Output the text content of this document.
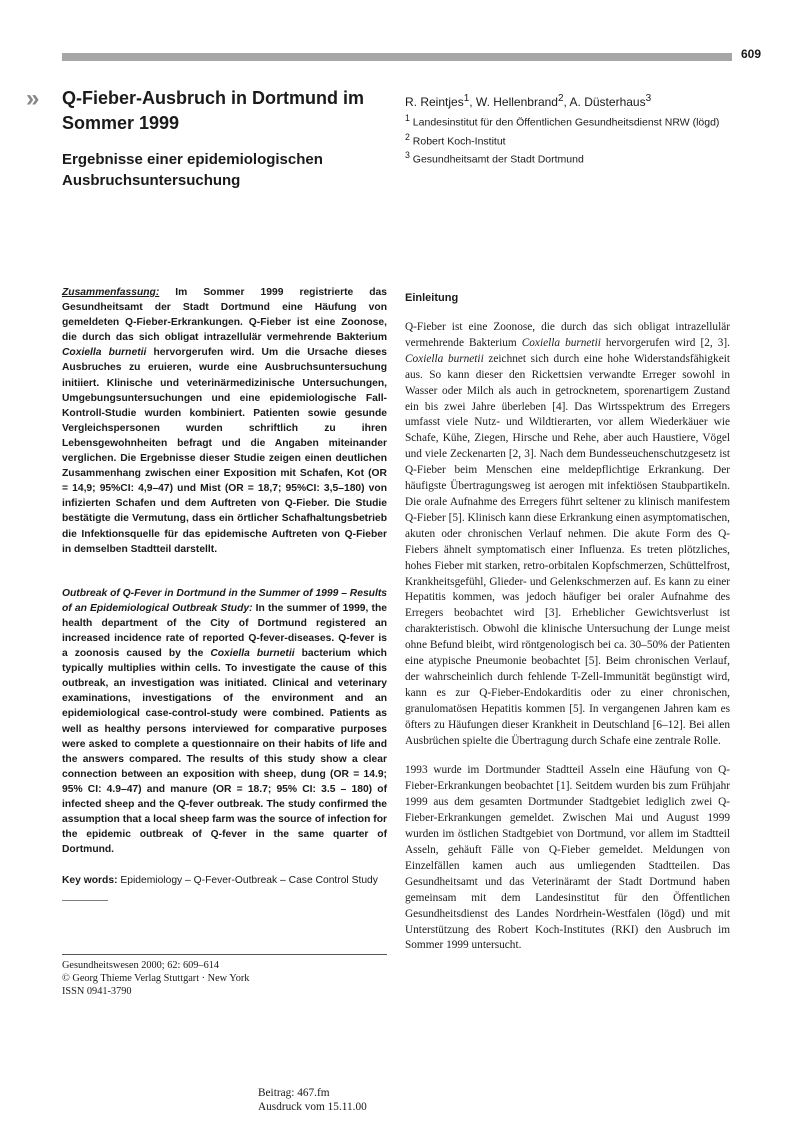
609
» Q-Fieber-Ausbruch in Dortmund im Sommer 1999
Ergebnisse einer epidemiologischen Ausbruchsuntersuchung
R. Reintjes$^1$, W. Hellenbrand$^2$, A. Düsterhaus$^3$
$^1$ Landesinstitut für den Öffentlichen Gesundheitsdienst NRW (lögd)
$^2$ Robert Koch-Institut
$^3$ Gesundheitsamt der Stadt Dortmund

Zusammenfassung: Im Sommer 1999 registrierte das Gesundheitsamt der Stadt Dortmund eine Häufung von gemeldeten Q-Fieber-Erkrankungen. Q-Fieber ist eine Zoonose, die durch das sich obligat intrazellulär vermehrende Bakterium Coxiella burnetii hervorgerufen wird. Um die Ursache dieses Ausbruches zu eruieren, wurde eine Ausbruchsuntersuchung initiiert. Klinische und veterinärmedizinische Untersuchungen, Umgebungsuntersuchungen und eine epidemiologische Fall-Kontroll-Studie wurden kombiniert. Patienten sowie gesunde Vergleichspersonen wurden schriftlich zu ihren Lebensgewohnheiten befragt und die Angaben miteinander verglichen. Die Ergebnisse dieser Studie zeigen einen deutlichen Zusammenhang zwischen einer Exposition mit Schafen, Kot (OR = 14,9; 95%CI: 4,9–47) und Mist (OR = 18,7; 95%CI: 3,5–180) von infizierten Schafen und dem Auftreten von Q-Fieber. Die Studie bestätigte die Vermutung, dass ein örtlicher Schafhaltungsbetrieb die Infektionsquelle für das epidemische Auftreten von Q-Fieber in demselben Stadtteil darstellt.

Outbreak of Q-Fever in Dortmund in the Summer of 1999 – Results of an Epidemiological Outbreak Study: In the summer of 1999, the health department of the City of Dortmund registered an increased incidence rate of reported Q-fever-diseases. Q-fever is a zoonosis caused by the Coxiella burnetii bacterium which typically multiplies within cells. To investigate the cause of this outbreak, an investigation was initiated. Clinical and veterinary examinations, investigations of the environment and an epidemiological case-control-study were combined. Patients as well as healthy persons interviewed for comparative purposes were asked to complete a questionnaire on their habits of life and the answers compared. The results of this study show a clear connection between an exposition with sheep, dung (OR = 14.9; 95% CI: 4.9–47) and manure (OR = 18.7; 95% CI: 3.5 – 180) of infected sheep and the Q-fever outbreak. The study confirmed the assumption that a local sheep farm was the source of infection for the epidemic outbreak of Q-fever in the same quarter of Dortmund.

Key words: Epidemiology – Q-Fever-Outbreak – Case Control Study

Einleitung

Q-Fieber ist eine Zoonose, die durch das sich obligat intrazellulär vermehrende Bakterium Coxiella burnetii hervorgerufen wird [2, 3]. Coxiella burnetii zeichnet sich durch eine hohe Widerstandsfähigkeit aus. So kann dieser den Rickettsien verwandte Erreger sowohl in Wasser oder Milch als auch in getrocknetem, sporenartigem Zustand ein bis zwei Jahre überleben [4]. Das Wirtsspektrum des Erregers umfasst viele Nutz- und Wildtierarten, vor allem Wiederkäuer wie Schafe, Kühe, Ziegen, Hirsche und Rehe, aber auch Haustiere, Vögel und viele Zeckenarten [2, 3]. Nach dem Bundesseuchenschutzgesetz ist Q-Fieber beim Menschen eine meldepflichtige Erkrankung. Der häufigste Übertragungsweg ist aerogen mit infektiösen Staubpartikeln. Die orale Aufnahme des Erregers führt seltener zu klinisch manifestem Q-Fieber [5]. Klinisch kann diese Erkrankung einen asymptomatischen, akuten oder chronischen Verlauf nehmen. Die akute Form des Q-Fiebers ähnelt symptomatisch einer Influenza. Es treten plötzliches, hohes Fieber mit starken, retro-orbitalen Kopfschmerzen, Schüttelfrost, Krankheitsgefühl, Glieder- und Gelenkschmerzen auf. Es kann zu einer Hepatitis kommen, was jedoch häufiger bei oraler Aufnahme des Erregers beobachtet wird [3]. Erheblicher Gewichtsverlust ist charakteristisch. Obwohl die klinische Untersuchung der Lunge meist ohne Befund bleibt, wird röntgenologisch bei ca. 30–50% der Patienten eine atypische Pneumonie beobachtet [5]. Beim chronischen Verlauf, der wahrscheinlich durch fehlende T-Zell-Immunität begünstigt wird, kann es zur Q-Fieber-Endokarditis oder zu einer chronischen, granulomatösen Hepatitis kommen [5]. In vergangenen Jahren kam es öfters zu Häufungen dieser Krankheit in Deutschland [6–12]. Bei allen Ausbrüchen spielte die Übertragung durch Schafe eine zentrale Rolle.

1993 wurde im Dortmunder Stadtteil Asseln eine Häufung von Q-Fieber-Erkrankungen beobachtet [1]. Seitdem wurden bis zum Frühjahr 1999 aus dem gesamten Dortmunder Stadtgebiet lediglich zwei Q-Fieber-Erkrankungen gemeldet. Zwischen Mai und August 1999 wurden im östlichen Stadtgebiet von Dortmund, vor allem im Stadtteil Asseln, gehäuft Fälle von Q-Fieber gemeldet. Meldungen von Einzelfällen kamen auch aus umliegenden Stadtteilen. Das Gesundheitsamt und das Veterinäramt der Stadt Dortmund haben gemeinsam mit dem Landesinstitut für den Öffentlichen Gesundheitsdienst des Landes Nordrhein-Westfalen (lögd) und mit Unterstützung des Robert Koch-Institutes (RKI) den Ausbruch im Sommer 1999 untersucht.

Gesundheitswesen 2000; 62: 609–614
© Georg Thieme Verlag Stuttgart · New York
ISSN 0941-3790
Beitrag: 467.fm
Ausdruck vom 15.11.00
